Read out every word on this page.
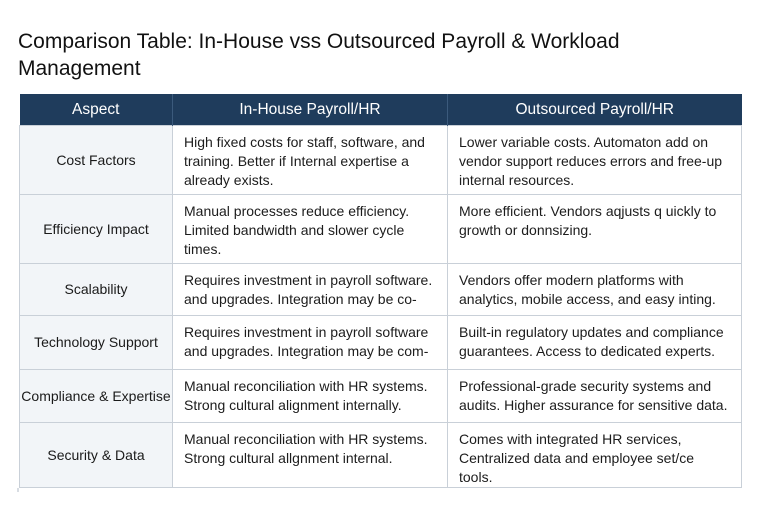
Comparison Table: In-House vss Outsourced Payroll & Workload Management
Aspect	In-House Payroll/HR	Outsourced Payroll/HR
Cost Factors	High fixed costs for staff, software, and training. Better if Internal expertise a already exists.	Lower variable costs. Automaton add on vendor support reduces errors and free-up internal resources.

Efficiency Impact	Manual processes reduce efficiency. Limited bandwidth and slower cycle times.	More efficient. Vendors aqjusts q uickly to growth or donnsizing.

Scalability	Requires investment in payroll software. and upgrades. Integration may be co-	Vendors offer modern platforms with analytics, mobile access, and easy inting.

Technology Support	Requires investment in payroll software and upgrades. Integration may be com-	Built-in regulatory updates and compliance guarantees. Access to dedicated experts.

Compliance & Expertise	Manual reconciliation with HR systems. Strong cultural alignment internally.	Professional-grade security systems and audits. Higher assurance for sensitive data.

Security & Data	Manual reconciliation with HR systems. Strong cultural allgnment internal.	Comes with integrated HR services, Centralized data and employee set/ce tools.
